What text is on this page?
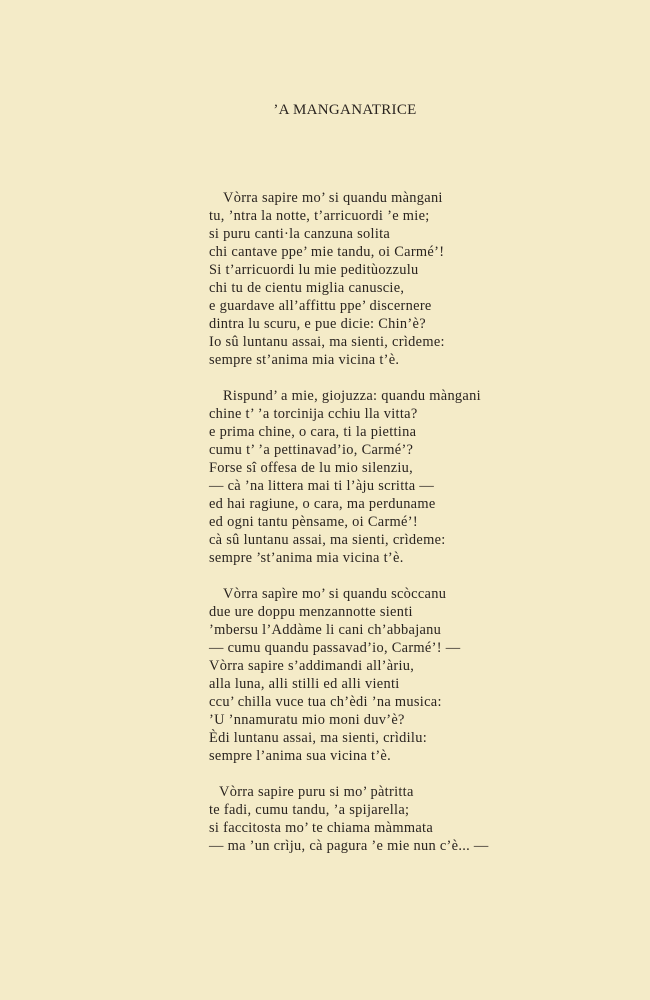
’A MANGANATRICE
Vòrra sapire mo’ si quandu màngani
tu, ’ntra la notte, t’arricuordi ’e mie;
si puru canti·la canzuna solita
chi cantave ppe’ mie tandu, oi Carmé’!
Si t’arricuordi lu mie peditùozzulu
chi tu de cientu miglia canuscie,
e guardave all’affittu ppe’ discernere
dintra lu scuru, e pue dicie: Chin’è?
Io sû luntanu assai, ma sienti, crìdeme:
sempre st’anima mia vicina t’è.
Rispund’ a mie, giojuzza: quandu màngani
chine t’ ’a torcinija cchiu lla vitta?
e prima chine, o cara, ti la piettina
cumu t’ ’a pettinavad’io, Carmé’?
Forse sî offesa de lu mio silenziu,
— cà ’na littera mai ti l’àju scritta —
ed hai ragiune, o cara, ma perduname
ed ogni tantu pènsame, oi Carmé’!
cà sû luntanu assai, ma sienti, crìdeme:
sempre ’st’anima mia vicina t’è.
Vòrra sapìre mo’ si quandu scòccanu
due ure doppu menzannotte sienti
’mbersu l’Addàme li cani ch’abbajanu
— cumu quandu passavad’io, Carmé’! —
Vòrra sapire s’addimandi all’àriu,
alla luna, alli stilli ed alli vienti
ccu’ chilla vuce tua ch’èdi ’na musica:
’U ’nnamuratu mio moni duv’è?
Èdi luntanu assai, ma sienti, crìdilu:
sempre l’anima sua vicina t’è.
Vòrra sapire puru si mo’ pàtritta
te fadi, cumu tandu, ’a spijarella;
si faccitosta mo’ te chiama màmmata
— ma ’un crìju, cà pagura ’e mie nun c’è... —
